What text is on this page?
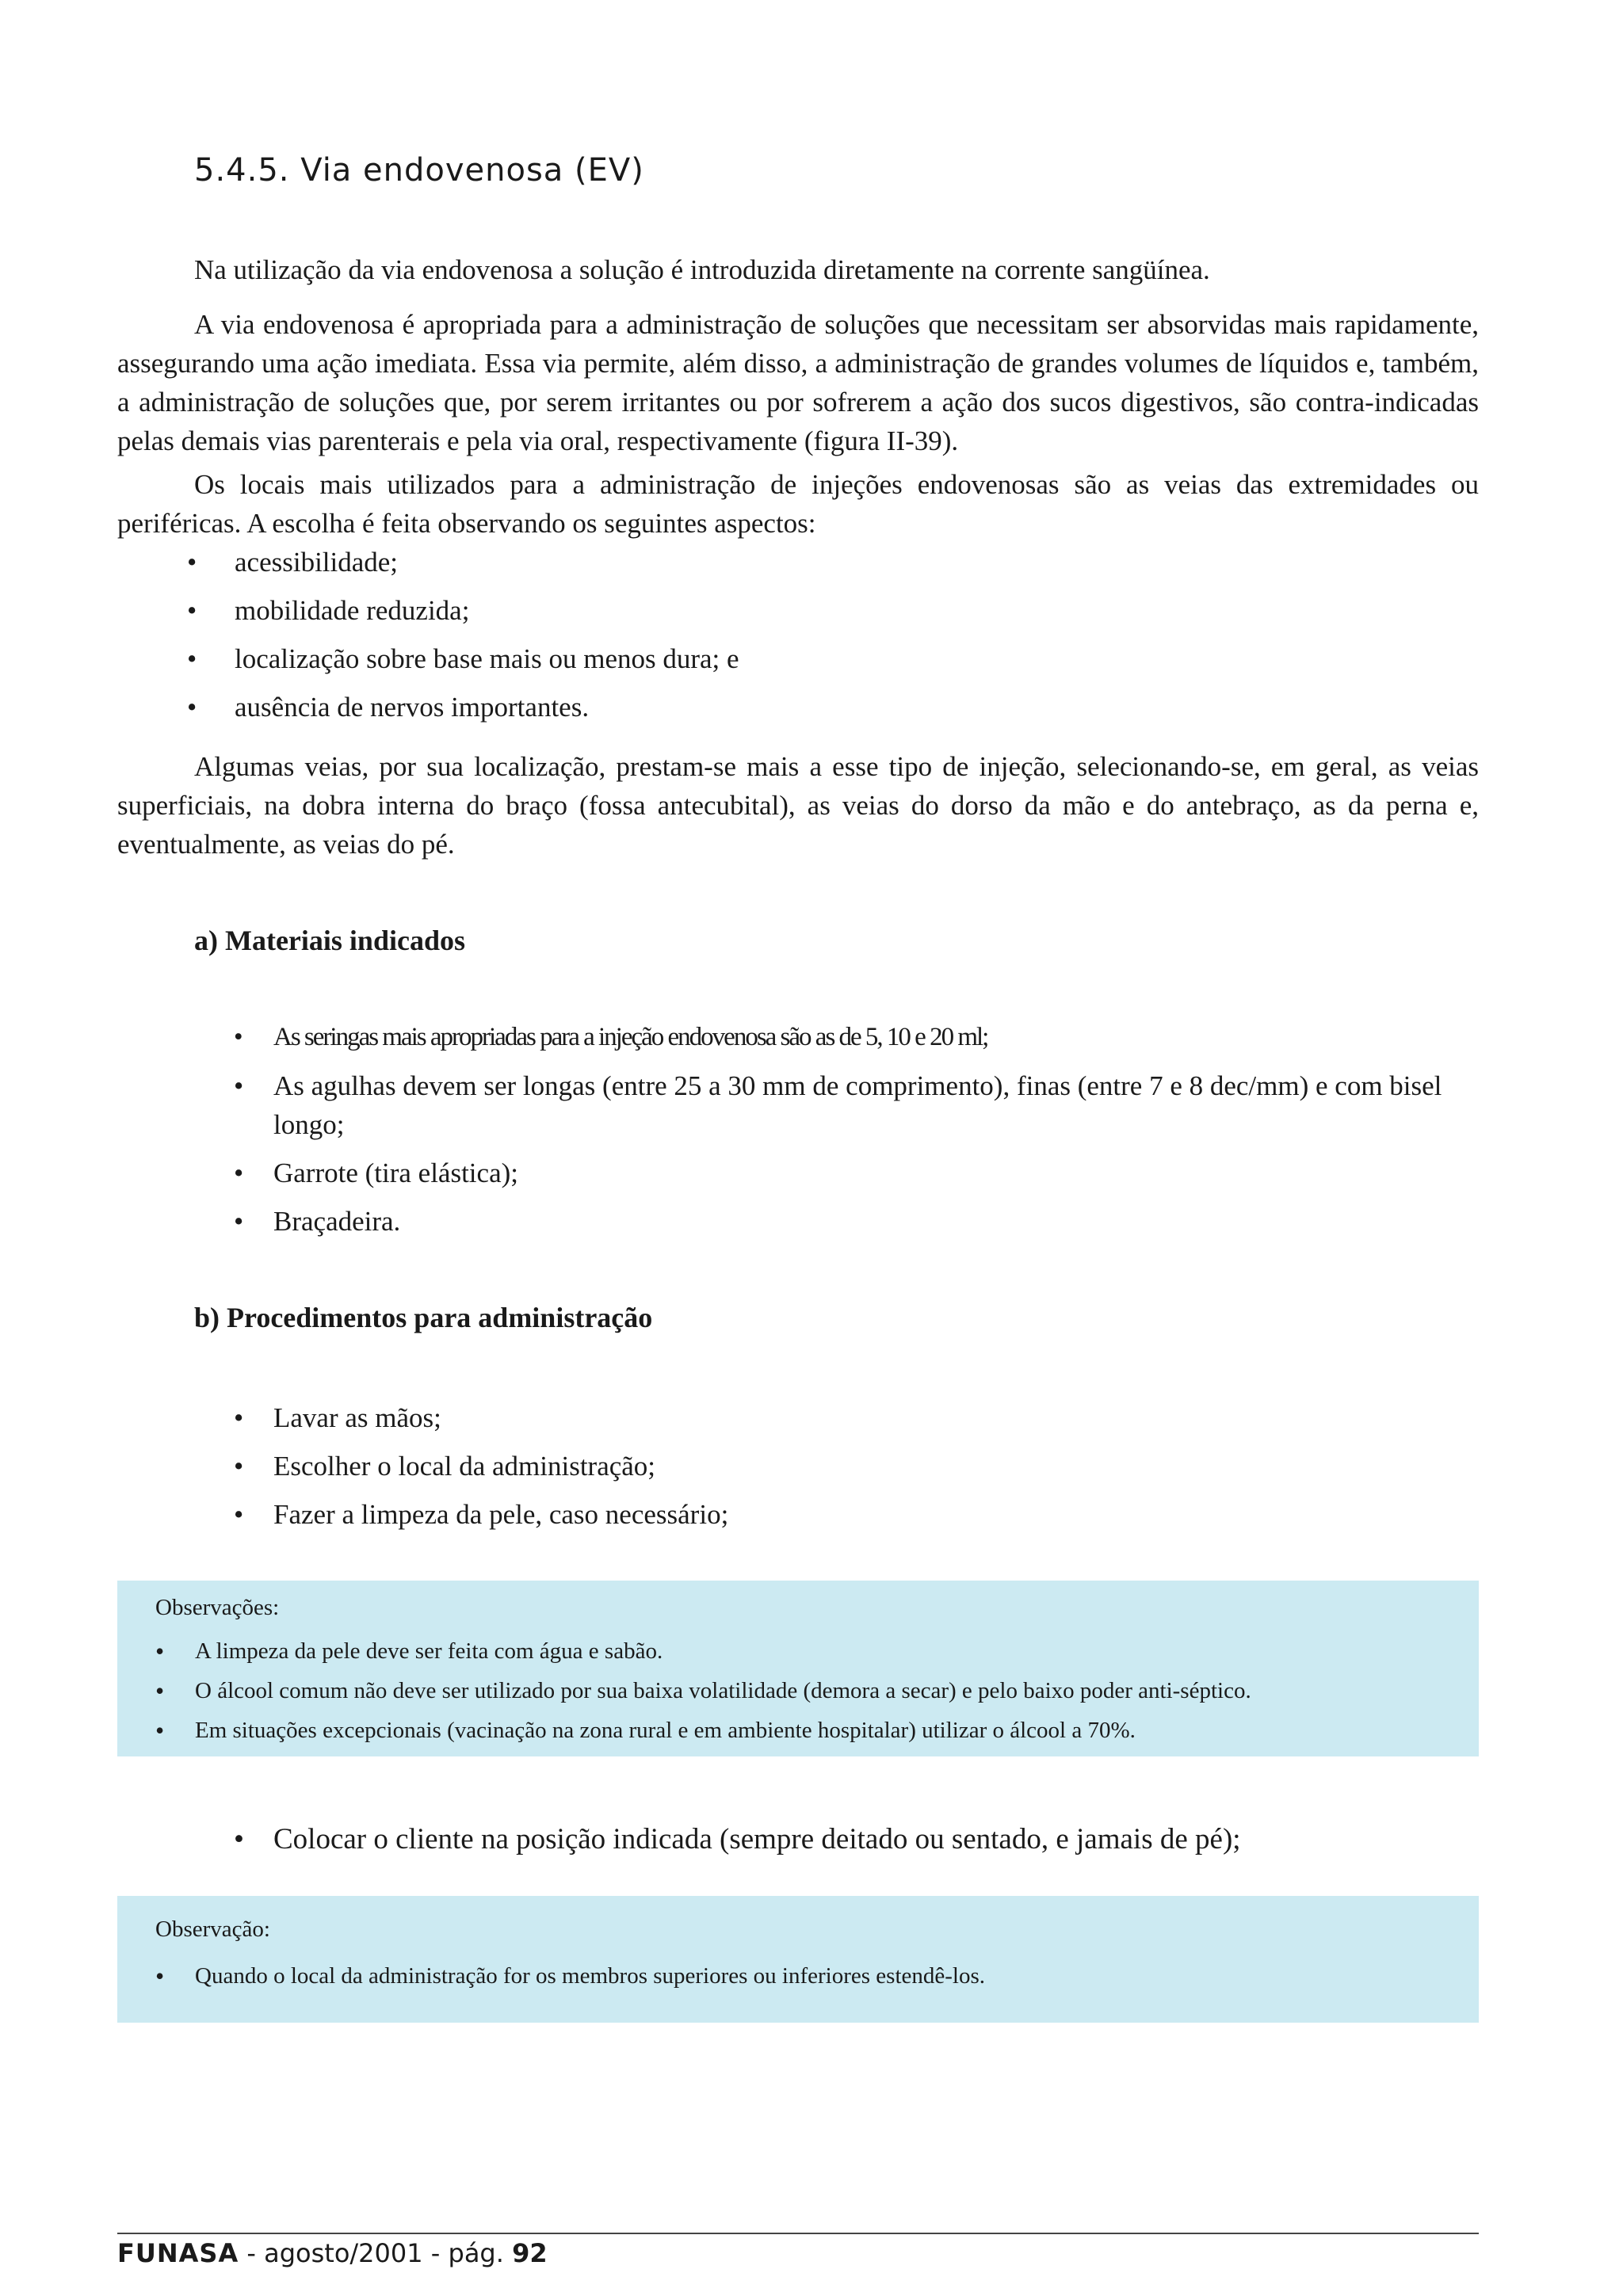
5.4.5. Via endovenosa (EV)

Na utilização da via endovenosa a solução é introduzida diretamente na corrente sangüínea.

A via endovenosa é apropriada para a administração de soluções que necessitam ser absorvidas mais rapidamente, assegurando uma ação imediata. Essa via permite, além disso, a administração de grandes volumes de líquidos e, também, a administração de soluções que, por serem irritantes ou por sofrerem a ação dos sucos digestivos, são contra-indicadas pelas demais vias parenterais e pela via oral, respectivamente (figura II-39).

Os locais mais utilizados para a administração de injeções endovenosas são as veias das extremidades ou periféricas. A escolha é feita observando os seguintes aspectos:

• acessibilidade;
• mobilidade reduzida;
• localização sobre base mais ou menos dura; e
• ausência de nervos importantes.

Algumas veias, por sua localização, prestam-se mais a esse tipo de injeção, selecionando-se, em geral, as veias superficiais, na dobra interna do braço (fossa antecubital), as veias do dorso da mão e do antebraço, as da perna e, eventualmente, as veias do pé.

a) Materiais indicados
• As seringas mais apropriadas para a injeção endovenosa são as de 5, 10 e 20 ml;
• As agulhas devem ser longas (entre 25 a 30 mm de comprimento), finas (entre 7 e 8 dec/mm) e com bisel longo;
• Garrote (tira elástica);
• Braçadeira.
b) Procedimentos para administração
• Lavar as mãos;
• Escolher o local da administração;
• Fazer a limpeza da pele, caso necessário;

Observações:

• A limpeza da pele deve ser feita com água e sabão.
• O álcool comum não deve ser utilizado por sua baixa volatilidade (demora a secar) e pelo baixo poder anti-séptico.
• Em situações excepcionais (vacinação na zona rural e em ambiente hospitalar) utilizar o álcool a 70%.
• Colocar o cliente na posição indicada (sempre deitado ou sentado, e jamais de pé);

Observação:

• Quando o local da administração for os membros superiores ou inferiores estendê-los.
FUNASA - agosto/2001 - pág. 92
